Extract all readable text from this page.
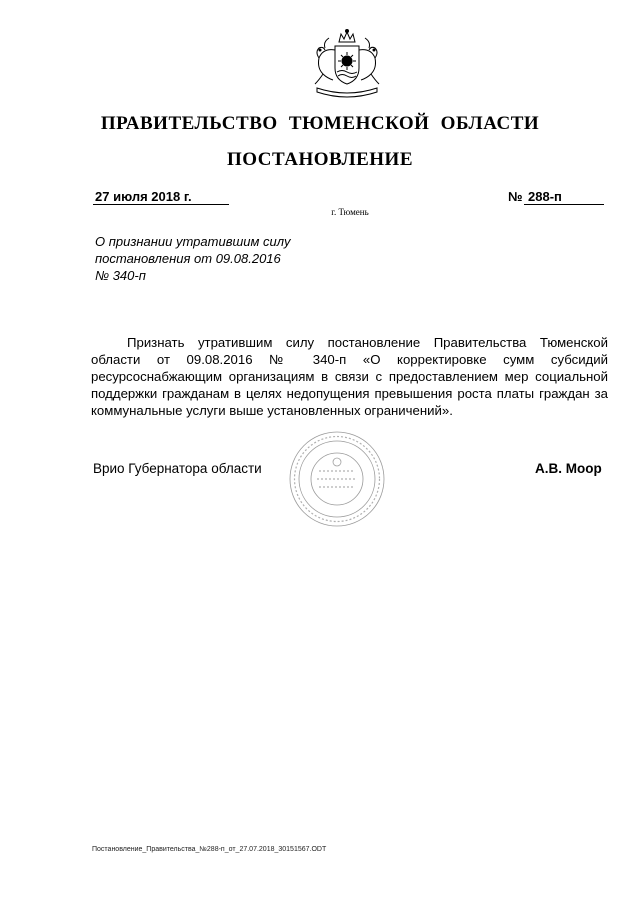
ПРАВИТЕЛЬСТВО ТЮМЕНСКОЙ ОБЛАСТИ
ПОСТАНОВЛЕНИЕ
27 июля 2018 г.	№ 288-п
г. Тюмень
О признании утратившим силу
постановления от 09.08.2016
№ 340-п

Признать утратившим силу постановление Правительства Тюменской области от 09.08.2016 № 340-п «О корректировке сумм субсидий ресурсоснабжающим организациям в связи с предоставлением мер социальной поддержки гражданам в целях недопущения превышения роста платы граждан за коммунальные услуги выше установленных ограничений».

Врио Губернатора области	А.В. Моор
Постановление_Правительства_№288-п_от_27.07.2018_30151567.ODT
